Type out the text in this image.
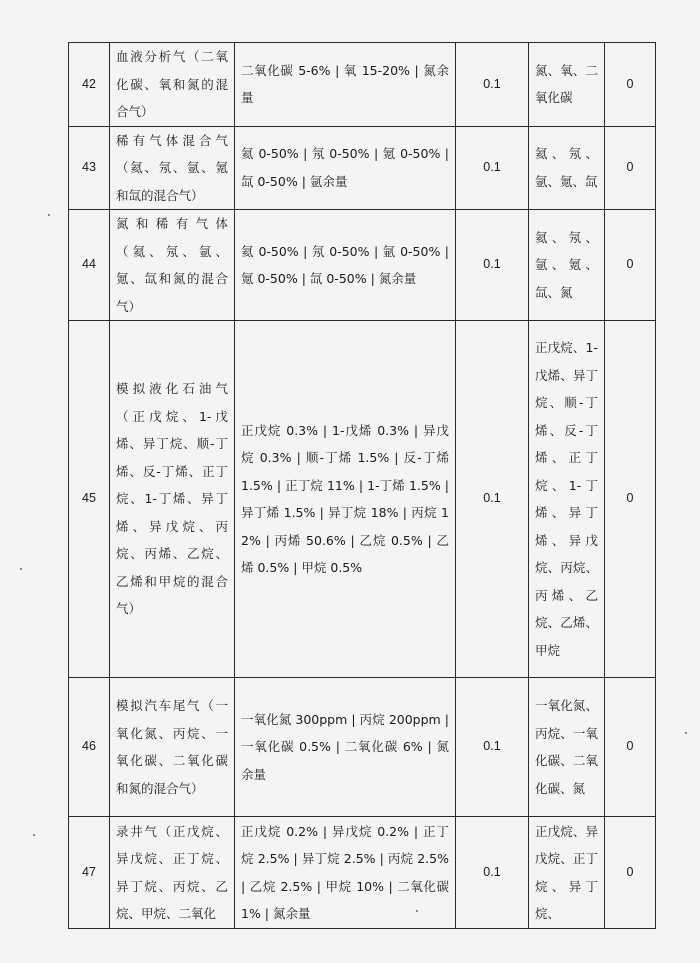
42	血液分析气（二氧化碳、氧和氮的混合气）	二氧化碳 5-6% | 氧 15-20% | 氮余量	0.1	氮、氧、二氧化碳	0
43	稀有气体混合气（氦、氖、氩、氪和氙的混合气）	氦 0-50% | 氖 0-50% | 氪 0-50% | 氙 0-50% | 氩余量	0.1	氦、氖、氩、氪、氙	0
44	氮和稀有气体（氦、氖、氩、氪、氙和氮的混合气）	氦 0-50% | 氖 0-50% | 氩 0-50% | 氪 0-50% | 氙 0-50% | 氮余量	0.1	氦、氖、氩、氪、氙、氮	0
45	模拟液化石油气（正戊烷、1-戊烯、异丁烷、顺-丁烯、反-丁烯、正丁烷、1-丁烯、异丁烯、异戊烷、丙烷、丙烯、乙烷、乙烯和甲烷的混合气）	正戊烷 0.3% | 1-戊烯 0.3% | 异戊烷 0.3% | 顺-丁烯 1.5% | 反-丁烯 1.5% | 正丁烷 11% | 1-丁烯 1.5% | 异丁烯 1.5% | 异丁烷 18% | 丙烷 12% | 丙烯 50.6% | 乙烷 0.5% | 乙烯 0.5% | 甲烷 0.5%	0.1	正戊烷、1-戊烯、异丁烷、顺-丁烯、反-丁烯、正丁烷、1-丁烯、异丁烯、异戊烷、丙烷、丙烯、乙烷、乙烯、甲烷	0
46	模拟汽车尾气（一氧化氮、丙烷、一氧化碳、二氧化碳和氮的混合气）	一氧化氮 300ppm | 丙烷 200ppm | 一氧化碳 0.5% | 二氧化碳 6% | 氮余量	0.1	一氧化氮、丙烷、一氧化碳、二氧化碳、氮	0
47	录井气（正戊烷、异戊烷、正丁烷、异丁烷、丙烷、乙烷、甲烷、二氧化	正戊烷 0.2% | 异戊烷 0.2% | 正丁烷 2.5% | 异丁烷 2.5% | 丙烷 2.5% | 乙烷 2.5% | 甲烷 10% | 二氧化碳 1% | 氮余量	0.1	正戊烷、异戊烷、正丁烷、异丁烷、	0
